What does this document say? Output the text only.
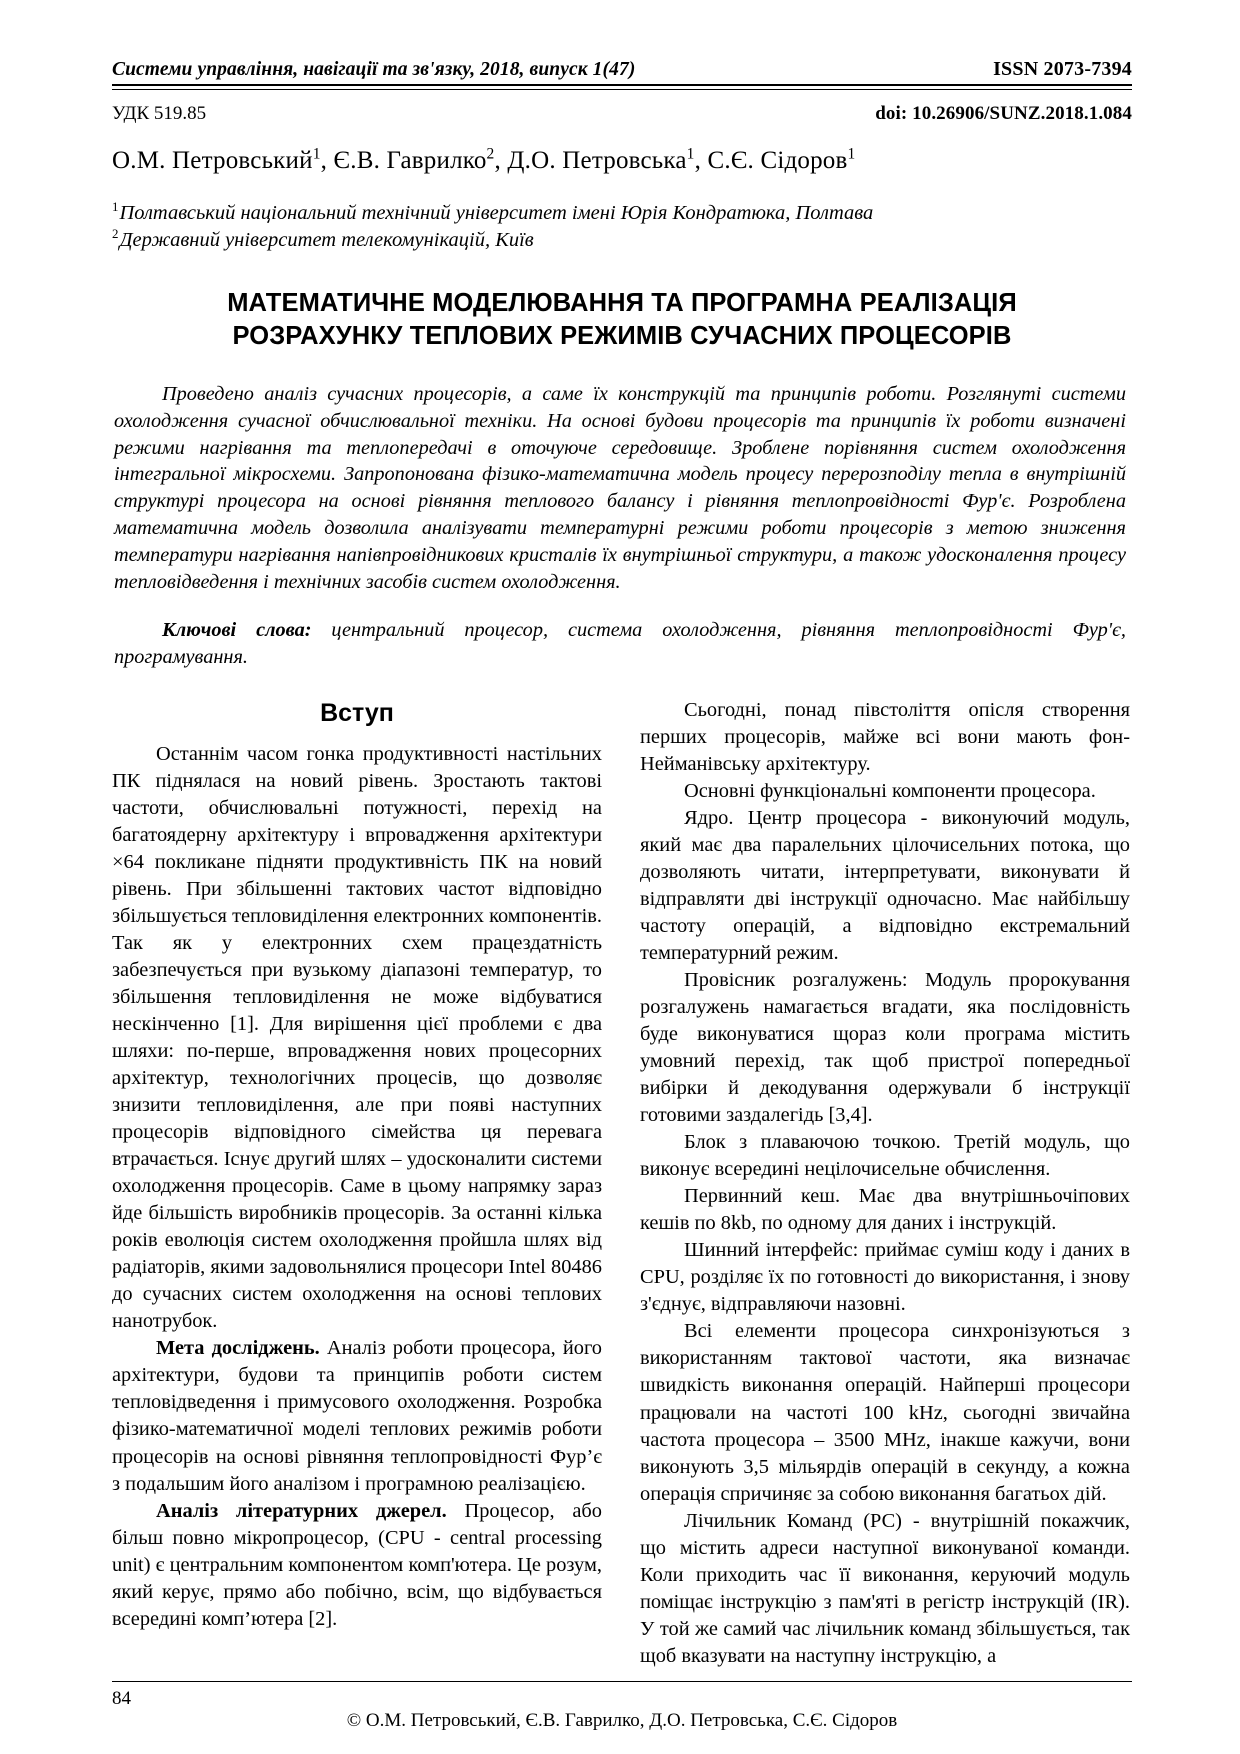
Системи управління, навігації та зв'язку, 2018, випуск 1(47)	ISSN 2073-7394
УДК 519.85	doi: 10.26906/SUNZ.2018.1.084
О.М. Петровський$^1$, Є.В. Гаврилко$^2$, Д.О. Петровська$^1$, С.Є. Сідоров$^1$
$^1$Полтавський національний технічний університет імені Юрія Кондратюка, Полтава
$^2$Державний університет телекомунікацій, Київ
МАТЕМАТИЧНЕ МОДЕЛЮВАННЯ ТА ПРОГРАМНА РЕАЛІЗАЦІЯ
РОЗРАХУНКУ ТЕПЛОВИХ РЕЖИМІВ СУЧАСНИХ ПРОЦЕСОРІВ
Проведено аналіз сучасних процесорів, а саме їх конструкцій та принципів роботи. Розглянуті системи охолодження сучасної обчислювальної техніки. На основі будови процесорів та принципів їх роботи визначені режими нагрівання та теплопередачі в оточуюче середовище. Зроблене порівняння систем охолодження інтегральної мікросхеми. Запропонована фізико-математична модель процесу перерозподілу тепла в внутрішній структурі процесора на основі рівняння теплового балансу і рівняння теплопровідності Фур'є. Розроблена математична модель дозволила аналізувати температурні режими роботи процесорів з метою зниження температури нагрівання напівпровідникових кристалів їх внутрішньої структури, а також удосконалення процесу тепловідведення і технічних засобів систем охолодження.
Ключові слова: центральний процесор, система охолодження, рівняння теплопровідності Фур'є, програмування.
Вступ

Останнім часом гонка продуктивності настільних ПК піднялася на новий рівень. Зростають тактові частоти, обчислювальні потужності, перехід на багатоядерну архітектуру і впровадження архітектури ×64 покликане підняти продуктивність ПК на новий рівень. При збільшенні тактових частот відповідно збільшується тепловиділення електронних компонентів. Так як у електронних схем працездатність забезпечується при вузькому діапазоні температур, то збільшення тепловиділення не може відбуватися нескінченно [1]. Для вирішення цієї проблеми є два шляхи: по-перше, впровадження нових процесорних архітектур, технологічних процесів, що дозволяє знизити тепловиділення, але при появі наступних процесорів відповідного сімейства ця перевага втрачається. Існує другий шлях – удосконалити системи охолодження процесорів. Саме в цьому напрямку зараз йде більшість виробників процесорів. За останні кілька років еволюція систем охолодження пройшла шлях від радіаторів, якими задовольнялися процесори Intel 80486 до сучасних систем охолодження на основі теплових нанотрубок.

Мета досліджень. Аналіз роботи процесора, його архітектури, будови та принципів роботи систем тепловідведення і примусового охолодження. Розробка фізико-математичної моделі теплових режимів роботи процесорів на основі рівняння теплопровідності Фур’є з подальшим його аналізом і програмною реалізацією.

Аналіз літературних джерел. Процесор, або більш повно мікропроцесор, (CPU - central processing unit) є центральним компонентом комп'ютера. Це розум, який керує, прямо або побічно, всім, що відбувається всередині комп’ютера [2].

Сьогодні, понад півстоліття опісля створення перших процесорів, майже всі вони мають фон-Нейманівську архітектуру.

Основні функціональні компоненти процесора.

Ядро. Центр процесора - виконуючий модуль, який має два паралельних цілочисельних потока, що дозволяють читати, інтерпретувати, виконувати й відправляти дві інструкції одночасно. Має найбільшу частоту операцій, а відповідно екстремальний температурний режим.

Провісник розгалужень: Модуль пророкування розгалужень намагається вгадати, яка послідовність буде виконуватися щораз коли програма містить умовний перехід, так щоб пристрої попередньої вибірки й декодування одержували б інструкції готовими заздалегідь [3,4].

Блок з плаваючою точкою. Третій модуль, що виконує всередині нецілочисельне обчислення.

Первинний кеш. Має два внутрішньочіпових кешів по 8kb, по одному для даних і інструкцій.

Шинний інтерфейс: приймає суміш коду і даних в CPU, розділяє їх по готовності до використання, і знову з'єднує, відправляючи назовні.

Всі елементи процесора синхронізуються з використанням тактової частоти, яка визначає швидкість виконання операцій. Найперші процесори працювали на частоті 100 kHz, сьогодні звичайна частота процесора – 3500 MHz, інакше кажучи, вони виконують 3,5 мільярдів операцій в секунду, а кожна операція спричиняє за собою виконання багатьох дій.

Лічильник Команд (РС) - внутрішній покажчик, що містить адреси наступної виконуваної команди. Коли приходить час її виконання, керуючий модуль поміщає інструкцію з пам'яті в регістр інструкцій (IR). У той же самий час лічильник команд збільшується, так щоб вказувати на наступну інструкцію, а

84
© О.М. Петровський, Є.В. Гаврилко, Д.О. Петровська, С.Є. Сідоров
